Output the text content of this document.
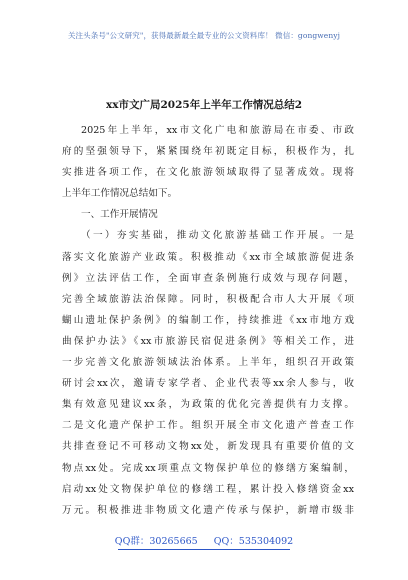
关注头条号"公文研究"，获得最新最全最专业的公文资料库！ 微信：gongwenyj
xx市文广局2025年上半年工作情况总结2
2025年上半年，xx市文化广电和旅游局在市委、市政
府的坚强领导下，紧紧围绕年初既定目标，积极作为，扎
实推进各项工作，在文化旅游领域取得了显著成效。现将
上半年工作情况总结如下。
一、工作开展情况
（一）夯实基础，推动文化旅游基础工作开展。一是
落实文化旅游产业政策。积极推动《xx市全域旅游促进条
例》立法评估工作，全面审查条例施行成效与现存问题，
完善全域旅游法治保障。同时，积极配合市人大开展《项
蝴山遗址保护条例》的编制工作，持续推进《xx市地方戏
曲保护办法》《xx市旅游民宿促进条例》等相关工作，进
一步完善文化旅游领域法治体系。上半年，组织召开政策
研讨会xx次，邀请专家学者、企业代表等xx余人参与，收
集有效意见建议xx条，为政策的优化完善提供有力支撑。
二是文化遗产保护工作。组织开展全市文化遗产普查工作
共排查登记不可移动文物xx处，新发现具有重要价值的文
物点xx处。完成xx项重点文物保护单位的修缮方案编制，
启动xx处文物保护单位的修缮工程，累计投入修缮资金xx
万元。积极推进非物质文化遗产传承与保护，新增市级非
QQ群：30265665 QQ：535304092
